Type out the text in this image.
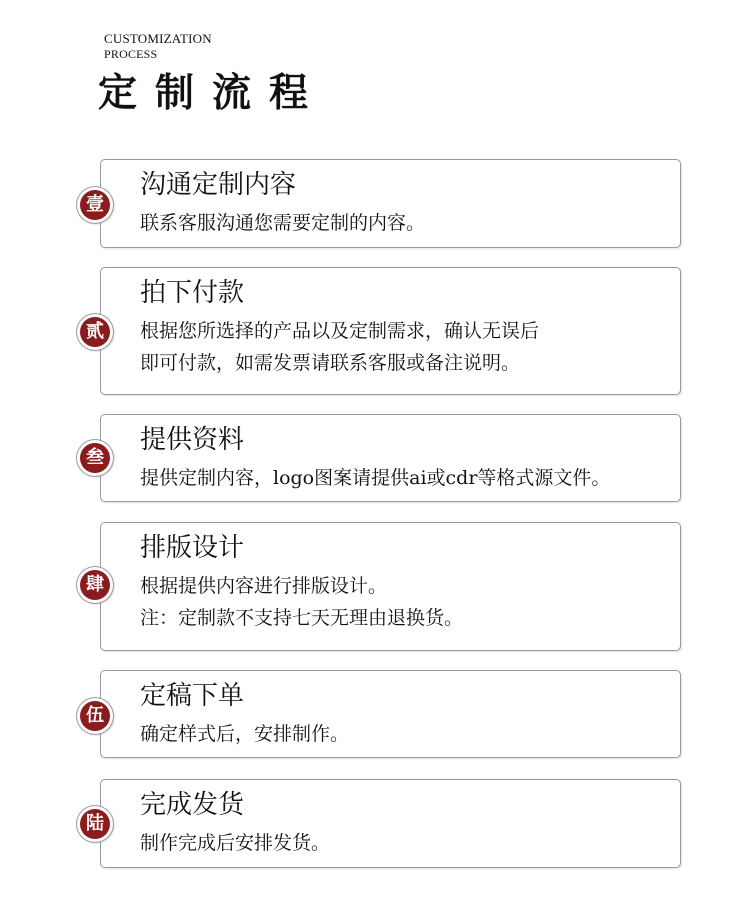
CUSTOMIZATION
PROCESS
定制流程
沟通定制内容
联系客服沟通您需要定制的内容。
壹
拍下付款
根据您所选择的产品以及定制需求，确认无误后
即可付款，如需发票请联系客服或备注说明。
贰
提供资料
提供定制内容，logo图案请提供ai或cdr等格式源文件。
叁
排版设计
根据提供内容进行排版设计。
注：定制款不支持七天无理由退换货。
肆
定稿下单
确定样式后，安排制作。
伍
完成发货
制作完成后安排发货。
陆
